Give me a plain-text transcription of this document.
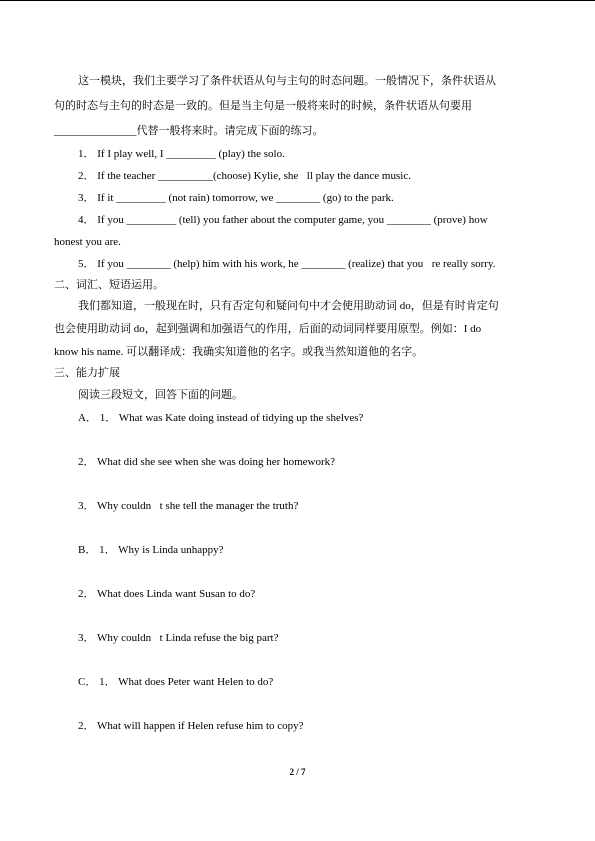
这一模块，我们主要学习了条件状语从句与主句的时态问题。一般情况下，条件状语从
句的时态与主句的时态是一致的。但是当主句是一般将来时的时候，条件状语从句要用
_______________代替一般将来时。请完成下面的练习。
1． If I play well, I _________ (play) the solo.
2． If the teacher __________(choose) Kylie, she ll play the dance music.
3． If it _________ (not rain) tomorrow, we ________ (go) to the park.
4． If you _________ (tell) you father about the computer game, you ________ (prove) how
honest you are.
5． If you ________ (help) him with his work, he ________ (realize) that you re really sorry.
二、词汇、短语运用。
我们都知道，一般现在时，只有否定句和疑问句中才会使用助动词 do，但是有时肯定句
也会使用助动词 do，起到强调和加强语气的作用，后面的动词同样要用原型。例如：I do
know his name. 可以翻译成：我确实知道他的名字。或我当然知道他的名字。
三、能力扩展
阅读三段短文，回答下面的问题。
A． 1． What was Kate doing instead of tidying up the shelves?
2． What did she see when she was doing her homework?
3． Why couldn t she tell the manager the truth?
B． 1． Why is Linda unhappy?
2． What does Linda want Susan to do?
3． Why couldn t Linda refuse the big part?
C． 1． What does Peter want Helen to do?
2． What will happen if Helen refuse him to copy?
2 / 7
